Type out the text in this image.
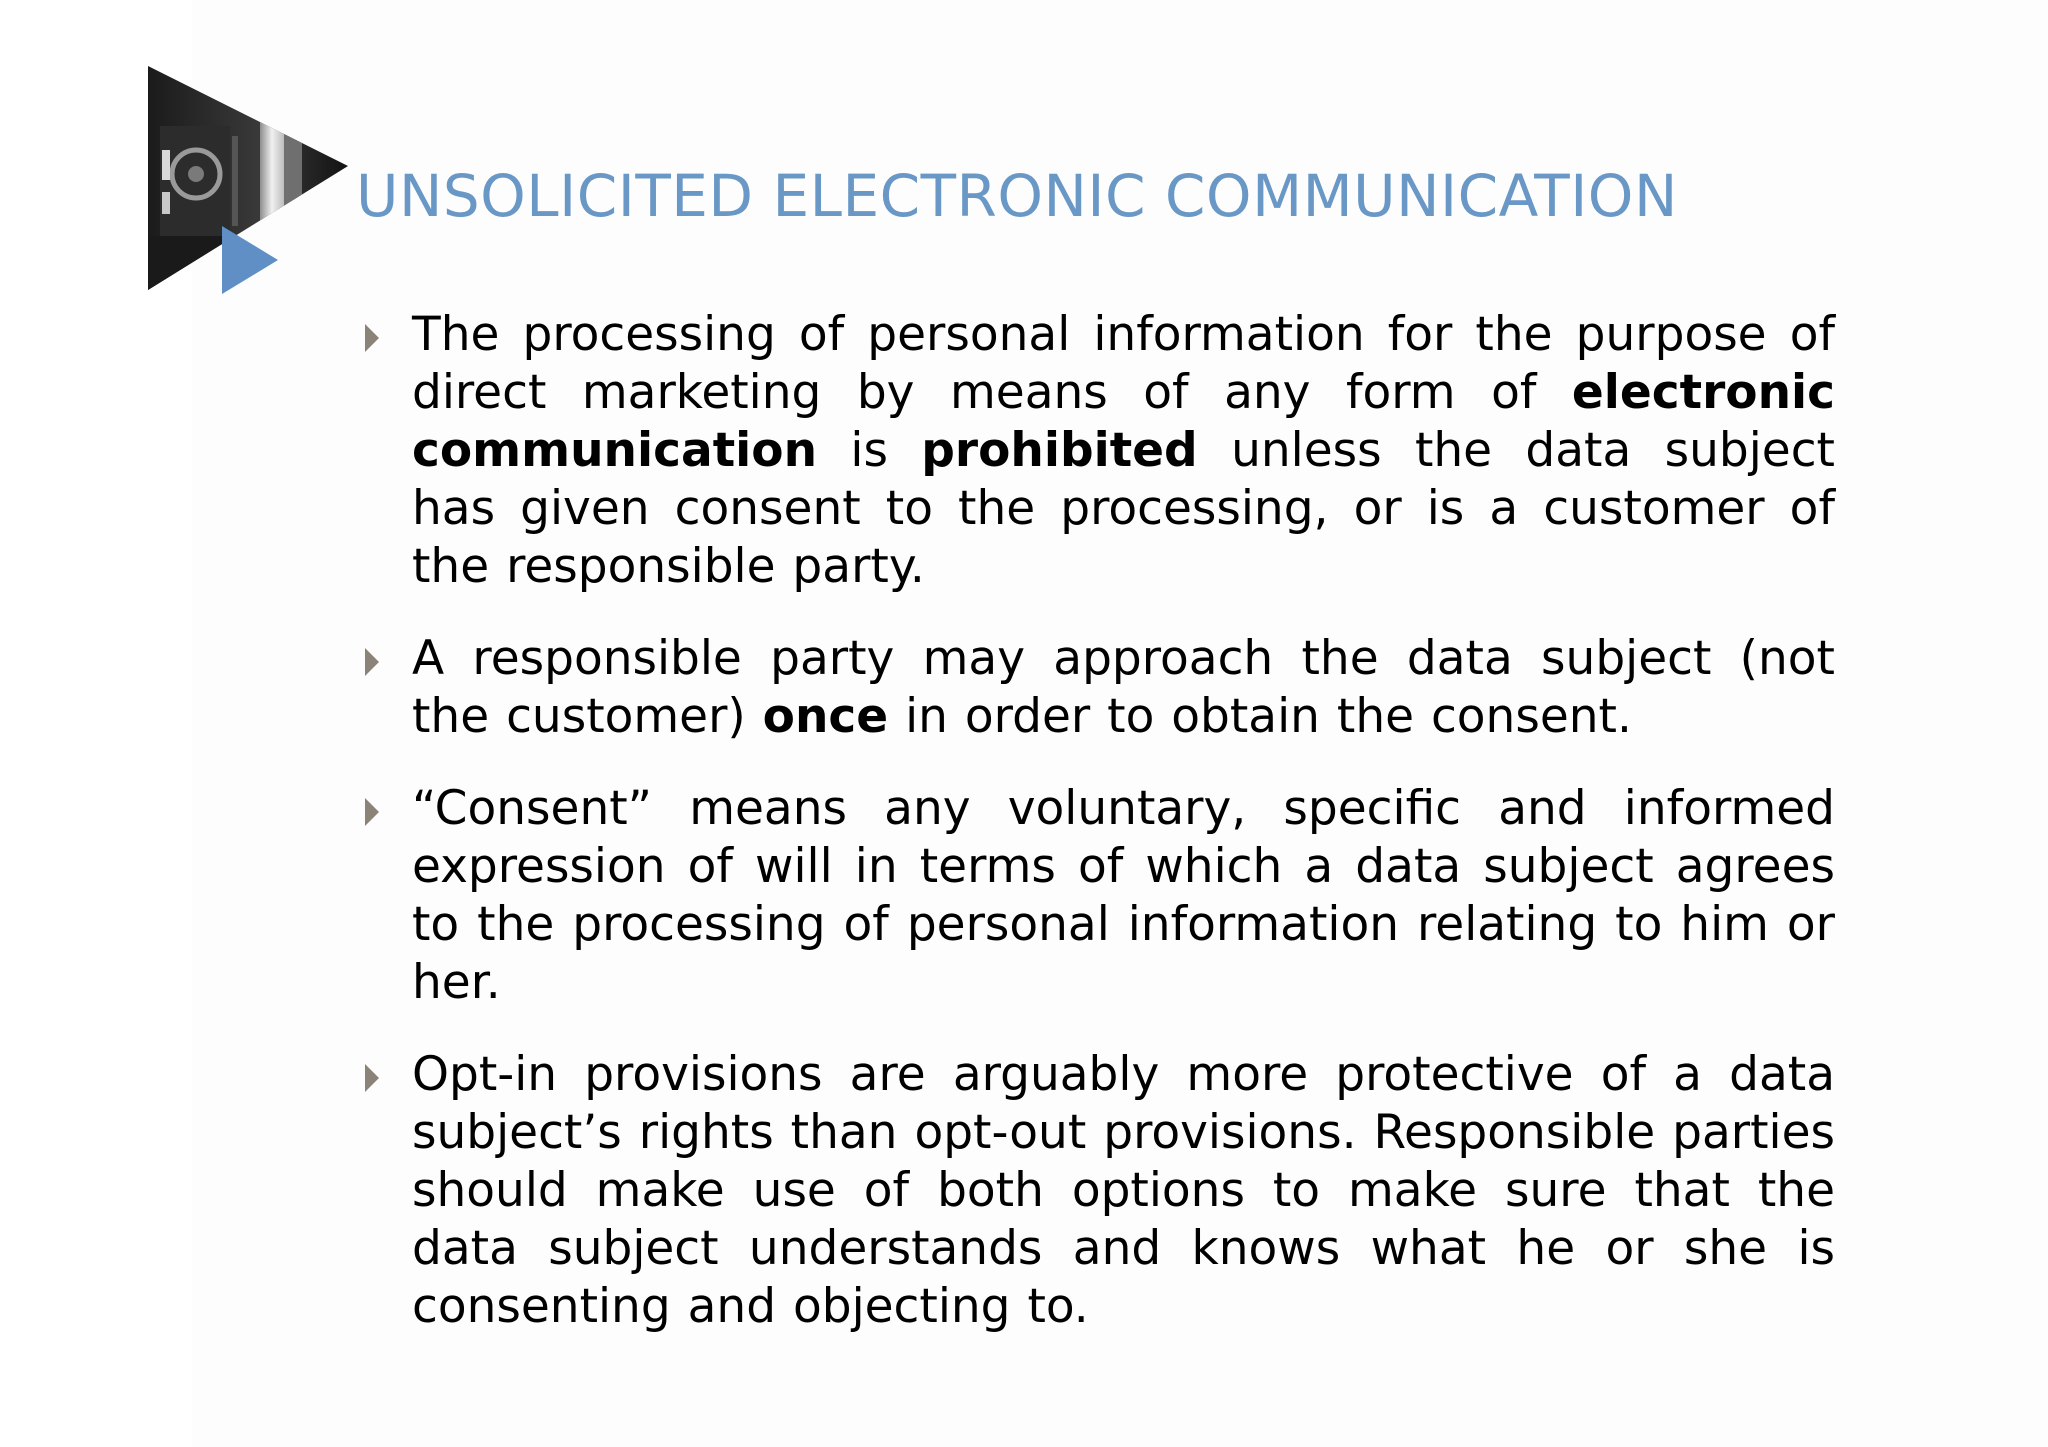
UNSOLICITED ELECTRONIC COMMUNICATION
The processing of personal information for the purpose of direct marketing by means of any form of electronic communication is prohibited unless the data subject has given consent to the processing, or is a customer of the responsible party.
A responsible party may approach the data subject (not the customer) once in order to obtain the consent.
“Consent” means any voluntary, specific and informed expression of will in terms of which a data subject agrees to the processing of personal information relating to him or her.
Opt-in provisions are arguably more protective of a data subject’s rights than opt-out provisions. Responsible parties should make use of both options to make sure that the data subject understands and knows what he or she is consenting and objecting to.
